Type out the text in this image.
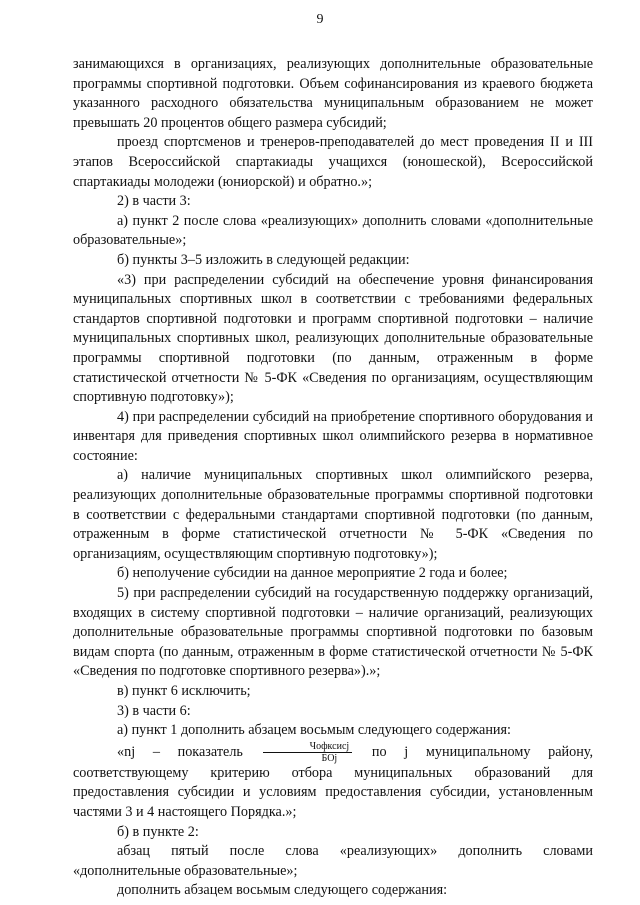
9

занимающихся в организациях, реализующих дополнительные образовательные программы спортивной подготовки. Объем софинансирования из краевого бюджета указанного расходного обязательства муниципальным образованием не может превышать 20 процентов общего размера субсидий;

проезд спортсменов и тренеров-преподавателей до мест проведения II и III этапов Всероссийской спартакиады учащихся (юношеской), Всероссийской спартакиады молодежи (юниорской) и обратно.»;

2) в части 3:

а) пункт 2 после слова «реализующих» дополнить словами «дополнительные образовательные»;

б) пункты 3–5 изложить в следующей редакции:

«3) при распределении субсидий на обеспечение уровня финансирования муниципальных спортивных школ в соответствии с требованиями федеральных стандартов спортивной подготовки и программ спортивной подготовки – наличие муниципальных спортивных школ, реализующих дополнительные образовательные программы спортивной подготовки (по данным, отраженным в форме статистической отчетности № 5-ФК «Сведения по организациям, осуществляющим спортивную подготовку»);

4) при распределении субсидий на приобретение спортивного оборудования и инвентаря для приведения спортивных школ олимпийского резерва в нормативное состояние:

а) наличие муниципальных спортивных школ олимпийского резерва, реализующих дополнительные образовательные программы спортивной подготовки в соответствии с федеральными стандартами спортивной подготовки (по данным, отраженным в форме статистической отчетности № 5-ФК «Сведения по организациям, осуществляющим спортивную подготовку»);

б) неполучение субсидии на данное мероприятие 2 года и более;

5) при распределении субсидий на государственную поддержку организаций, входящих в систему спортивной подготовки – наличие организаций, реализующих дополнительные образовательные программы спортивной подготовки по базовым видам спорта (по данным, отраженным в форме статистической отчетности № 5-ФК «Сведения по подготовке спортивного резерва»).»;

в) пункт 6 исключить;

3) в части 6:

а) пункт 1 дополнить абзацем восьмым следующего содержания:

«nj – показатель $\frac{\text{Чофксисj}}{\text{БОj}}$ по j муниципальному району, соответствующему критерию отбора муниципальных образований для предоставления субсидии и условиям предоставления субсидии, установленным частями 3 и 4 настоящего Порядка.»;

б) в пункте 2:

абзац пятый после слова «реализующих» дополнить словами «дополнительные образовательные»;

дополнить абзацем восьмым следующего содержания:
